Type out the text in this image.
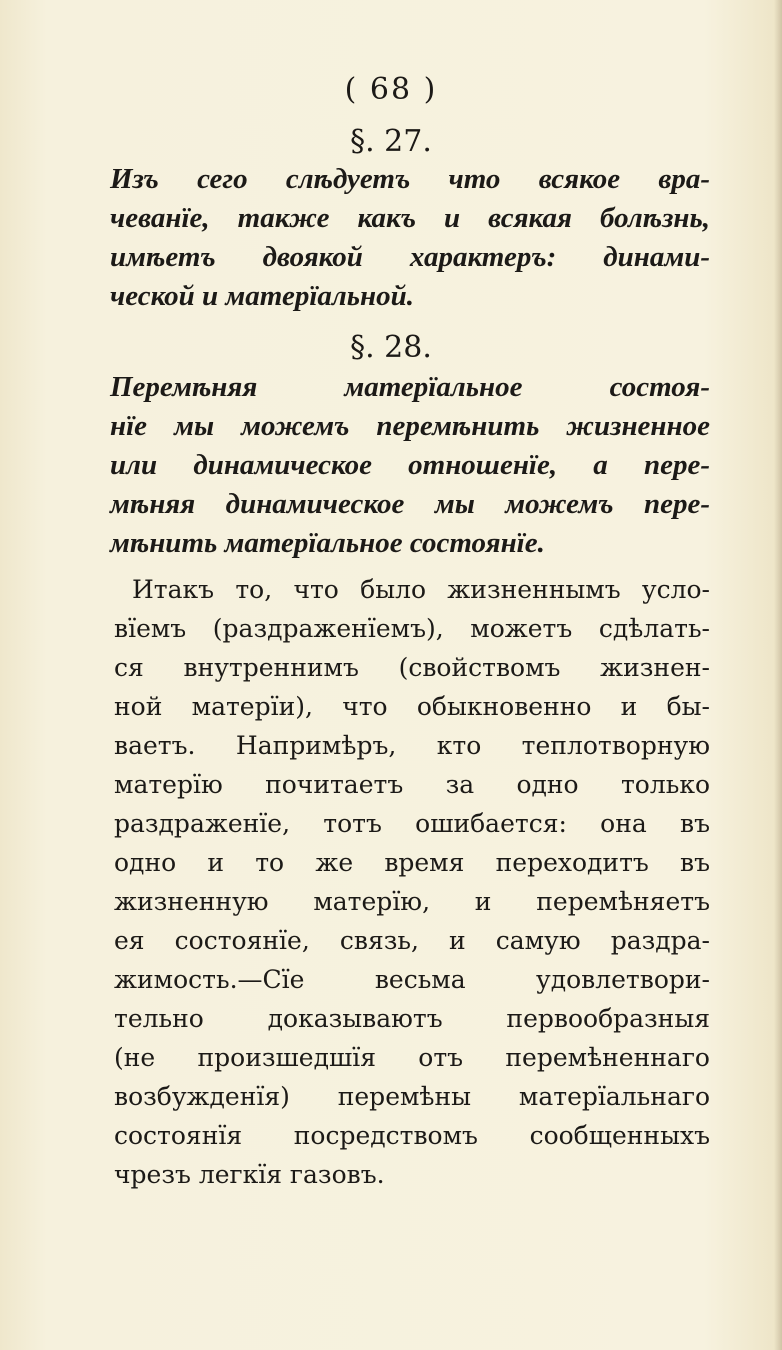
( 68 )
§. 27.
Изъ сего слѣдуетъ что всякое вра-
чеванїе, также какъ и всякая болѣзнь,
имѣетъ двоякой характеръ: динами-
ческой и матерїальной.
§. 28.
Перемѣняя матерїальное состоя-
нїе мы можемъ перемѣнить жизненное
или динамическое отношенїе, а пере-
мѣняя динамическое мы можемъ пере-
мѣнить матерїальное состоянїе.
Итакъ то, что было жизненнымъ усло-
вїемъ (раздраженїемъ), можетъ сдѣлать-
ся внутреннимъ (свойствомъ жизнен-
ной матерїи), что обыкновенно и бы-
ваетъ. Напримѣръ, кто теплотворную
матерїю почитаетъ за одно только
раздраженїе, тотъ ошибается: она въ
одно и то же время переходитъ въ
жизненную матерїю, и перемѣняетъ
ея состоянїе, связь, и самую раздра-
жимость.—Сїе весьма удовлетвори-
тельно доказываютъ первообразныя
(не произшедшїя отъ перемѣненнаго
возбужденїя) перемѣны матерїальнаго
состоянїя посредствомъ сообщенныхъ
чрезъ легкїя газовъ.
